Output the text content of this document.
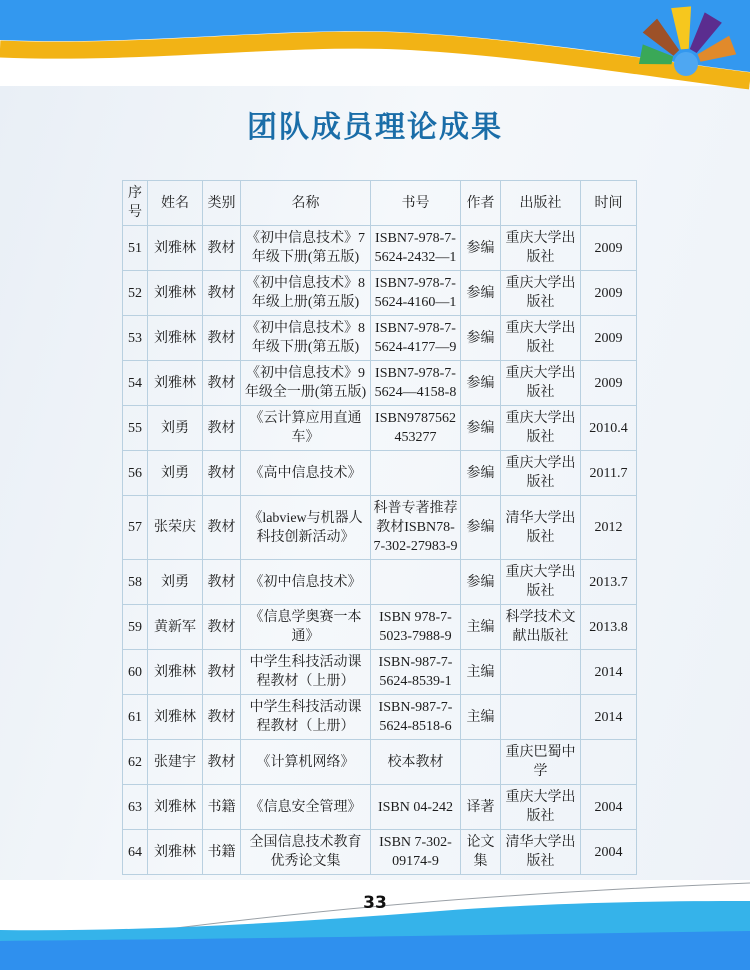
团队成员理论成果
序号	姓名	类别	名称	书号	作者	出版社	时间
51	刘雅林	教材	《初中信息技术》7年级下册(第五版)	ISBN7-978-7-5624-2432—1	参编	重庆大学出版社	2009
52	刘雅林	教材	《初中信息技术》8年级上册(第五版)	ISBN7-978-7-5624-4160—1	参编	重庆大学出版社	2009
53	刘雅林	教材	《初中信息技术》8年级下册(第五版)	ISBN7-978-7-5624-4177—9	参编	重庆大学出版社	2009
54	刘雅林	教材	《初中信息技术》9年级全一册(第五版)	ISBN7-978-7-5624—4158-8	参编	重庆大学出版社	2009
55	刘勇	教材	《云计算应用直通车》	ISBN9787562453277	参编	重庆大学出版社	2010.4
56	刘勇	教材	《高中信息技术》		参编	重庆大学出版社	2011.7
57	张荣庆	教材	《labview与机器人科技创新活动》	科普专著推荐教材ISBN78-7-302-27983-9	参编	清华大学出版社	2012
58	刘勇	教材	《初中信息技术》		参编	重庆大学出版社	2013.7
59	黄新军	教材	《信息学奥赛一本通》	ISBN 978-7-5023-7988-9	主编	科学技术文献出版社	2013.8
60	刘雅林	教材	中学生科技活动课程教材（上册）	ISBN-987-7-5624-8539-1	主编		2014
61	刘雅林	教材	中学生科技活动课程教材（上册）	ISBN-987-7-5624-8518-6	主编		2014
62	张建宇	教材	《计算机网络》	校本教材		重庆巴蜀中学	
63	刘雅林	书籍	《信息安全管理》	ISBN 04-242	译著	重庆大学出版社	2004
64	刘雅林	书籍	全国信息技术教育优秀论文集	ISBN 7-302-09174-9	论文集	清华大学出版社	2004
33
